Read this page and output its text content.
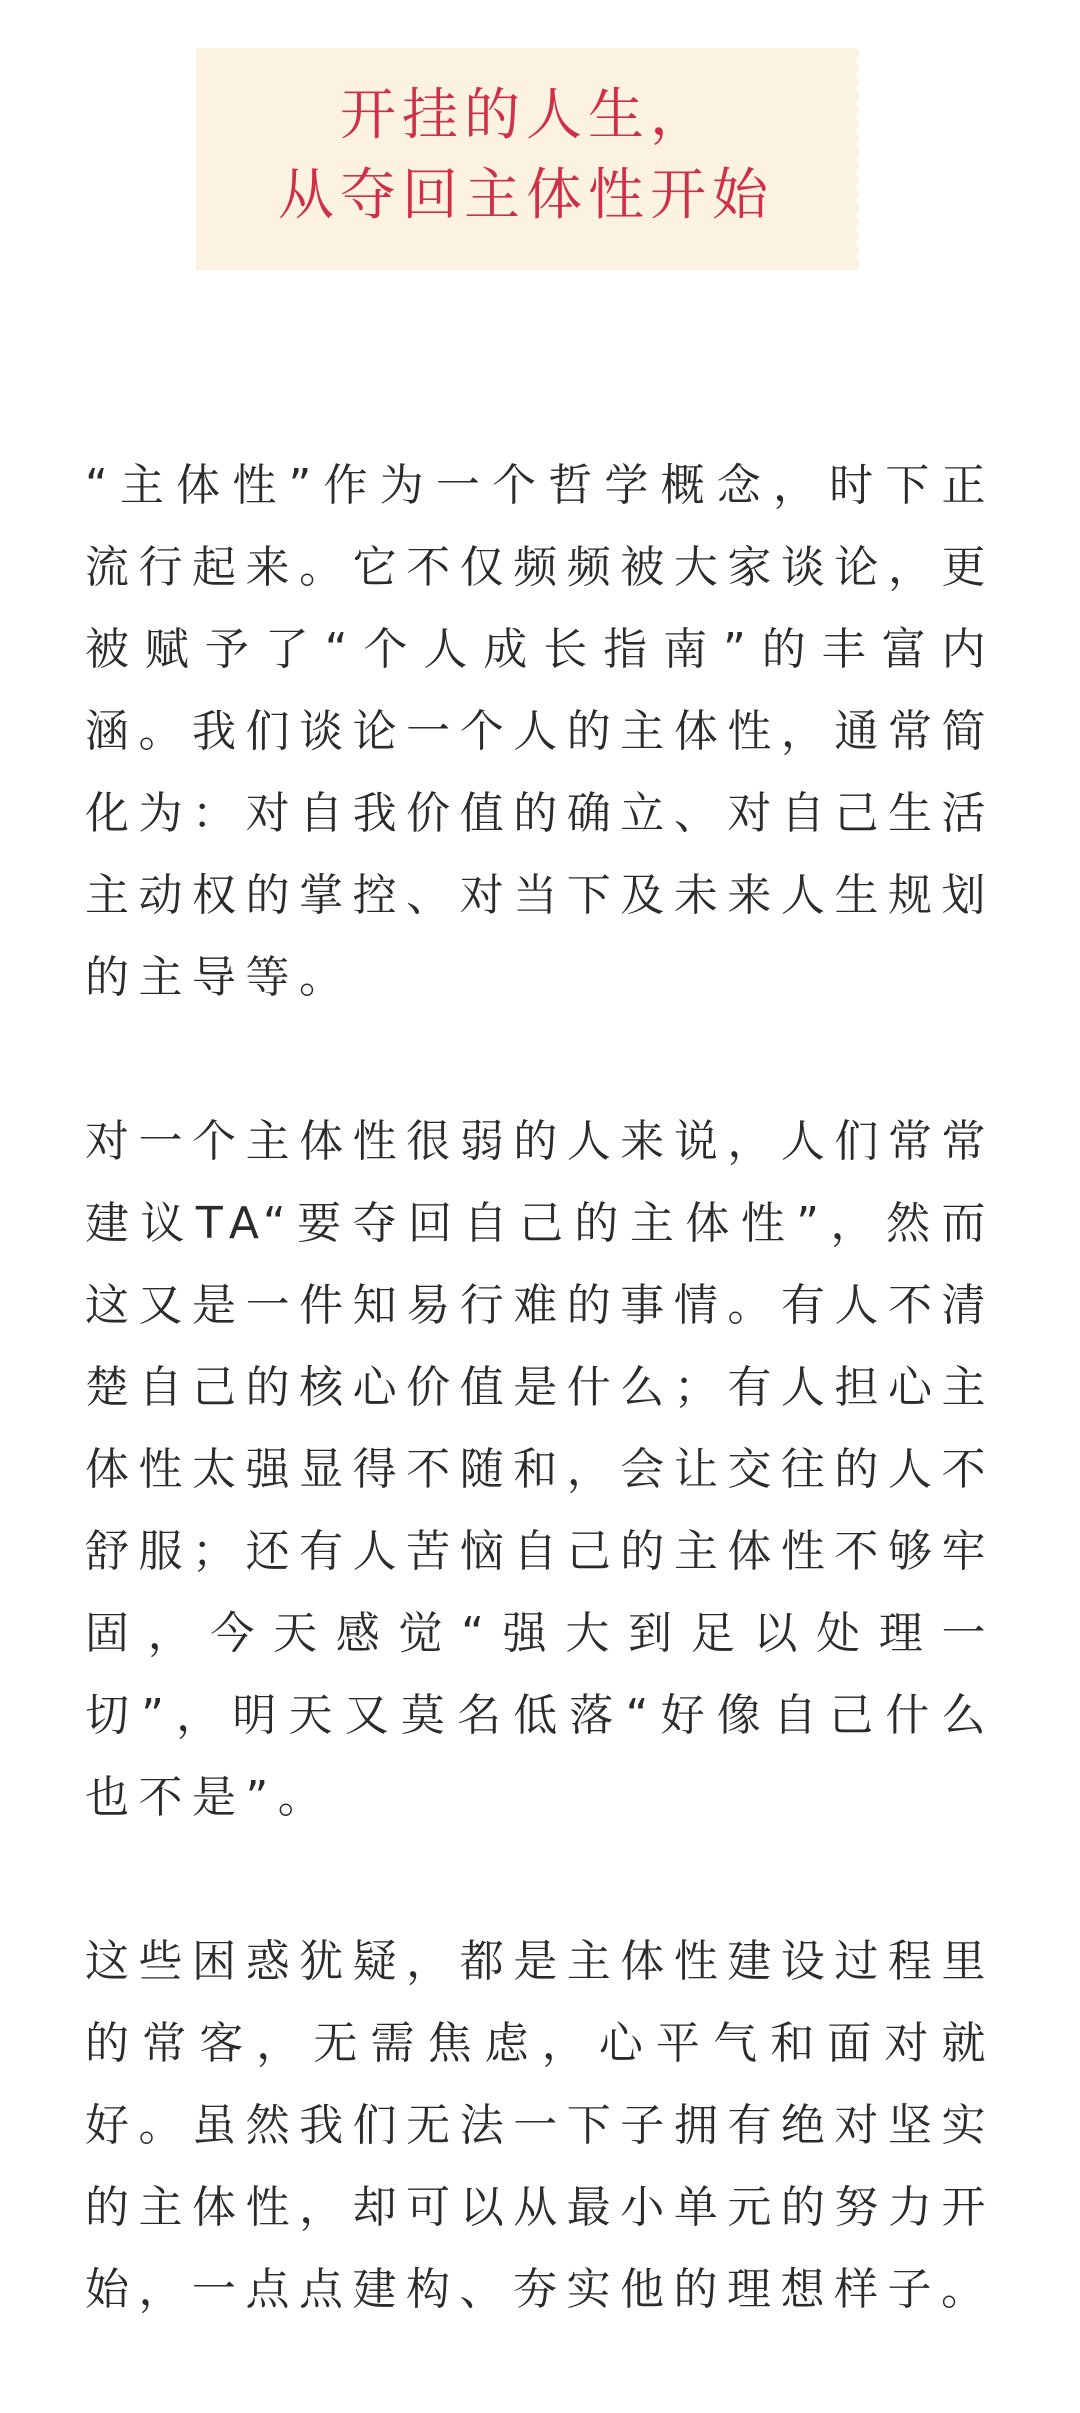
开挂的人生，
从夺回主体性开始

“主体性”作为一个哲学概念，时下正流行起来。它不仅频频被大家谈论，更被赋予了“个人成长指南”的丰富内涵。我们谈论一个人的主体性，通常简化为：对自我价值的确立、对自己生活主动权的掌控、对当下及未来人生规划的主导等。

对一个主体性很弱的人来说，人们常常建议TA“要夺回自己的主体性”，然而这又是一件知易行难的事情。有人不清楚自己的核心价值是什么；有人担心主体性太强显得不随和，会让交往的人不舒服；还有人苦恼自己的主体性不够牢固，今天感觉“强大到足以处理一切”，明天又莫名低落“好像自己什么也不是”。

这些困惑犹疑，都是主体性建设过程里的常客，无需焦虑，心平气和面对就好。虽然我们无法一下子拥有绝对坚实的主体性，却可以从最小单元的努力开始，一点点建构、夯实他的理想样子。
